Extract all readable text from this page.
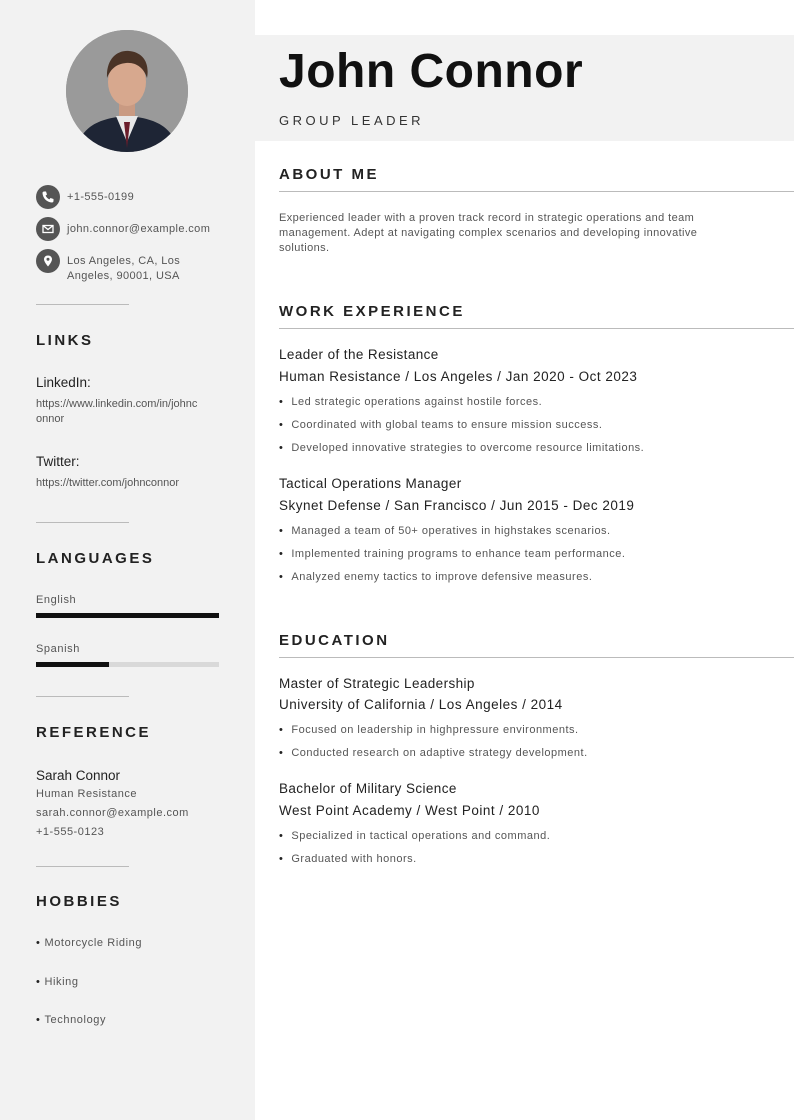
+1-555-0199
john.connor@example.com
Los Angeles, CA, Los
Angeles, 90001, USA
LINKS
LinkedIn:
https://www.linkedin.com/in/johnc
onnor
Twitter:
https://twitter.com/johnconnor
LANGUAGES
English
Spanish
REFERENCE
Sarah Connor
Human Resistance
sarah.connor@example.com
+1-555-0123
HOBBIES
• Motorcycle Riding
• Hiking
• Technology
John Connor
GROUP LEADER
ABOUT ME
Experienced leader with a proven track record in strategic operations and team
management. Adept at navigating complex scenarios and developing innovative
solutions.
WORK EXPERIENCE
Leader of the Resistance
Human Resistance / Los Angeles / Jan 2020 - Oct 2023
• Led strategic operations against hostile forces.
• Coordinated with global teams to ensure mission success.
• Developed innovative strategies to overcome resource limitations.
Tactical Operations Manager
Skynet Defense / San Francisco / Jun 2015 - Dec 2019
• Managed a team of 50+ operatives in highstakes scenarios.
• Implemented training programs to enhance team performance.
• Analyzed enemy tactics to improve defensive measures.
EDUCATION
Master of Strategic Leadership
University of California / Los Angeles / 2014
• Focused on leadership in highpressure environments.
• Conducted research on adaptive strategy development.
Bachelor of Military Science
West Point Academy / West Point / 2010
• Specialized in tactical operations and command.
• Graduated with honors.
